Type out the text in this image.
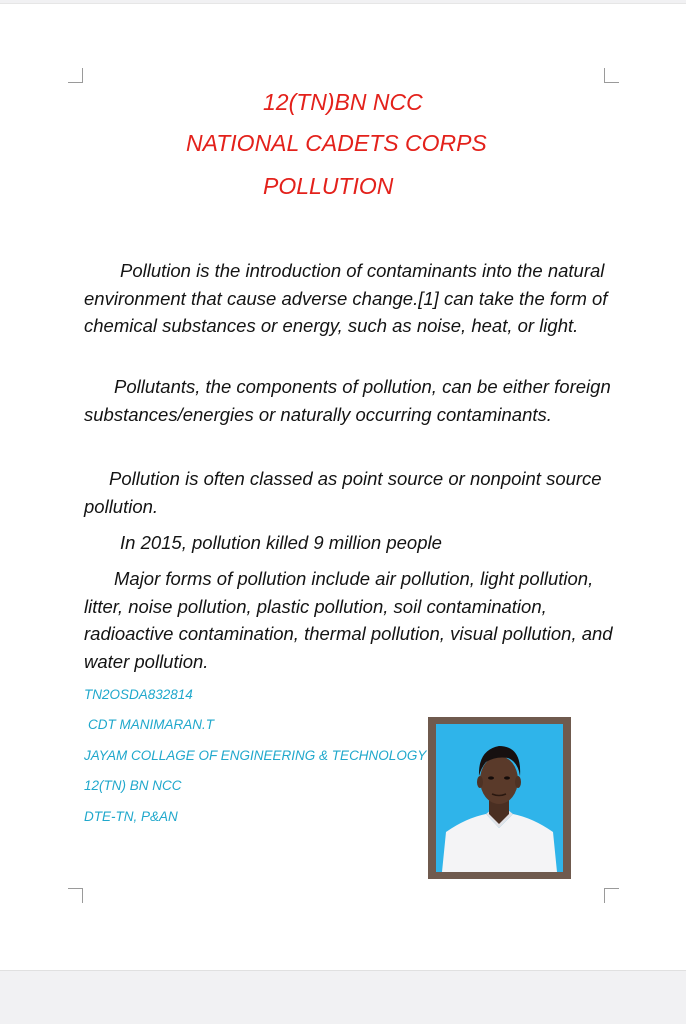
12(TN)BN NCC
NATIONAL CADETS CORPS
POLLUTION

Pollution is the introduction of contaminants into the natural environment that cause adverse change.[1] can take the form of chemical substances or energy, such as noise, heat, or light.

Pollutants, the components of pollution, can be either foreign substances/energies or naturally occurring contaminants.

Pollution is often classed as point source or nonpoint source pollution.

In 2015, pollution killed 9 million people

Major forms of pollution include air pollution, light pollution, litter, noise pollution, plastic pollution, soil contamination, radioactive contamination, thermal pollution, visual pollution, and water pollution.

TN2OSDA832814

CDT MANIMARAN.T

JAYAM COLLAGE OF ENGINEERING & TECHNOLOGY

12(TN) BN NCC

DTE-TN, P&AN
